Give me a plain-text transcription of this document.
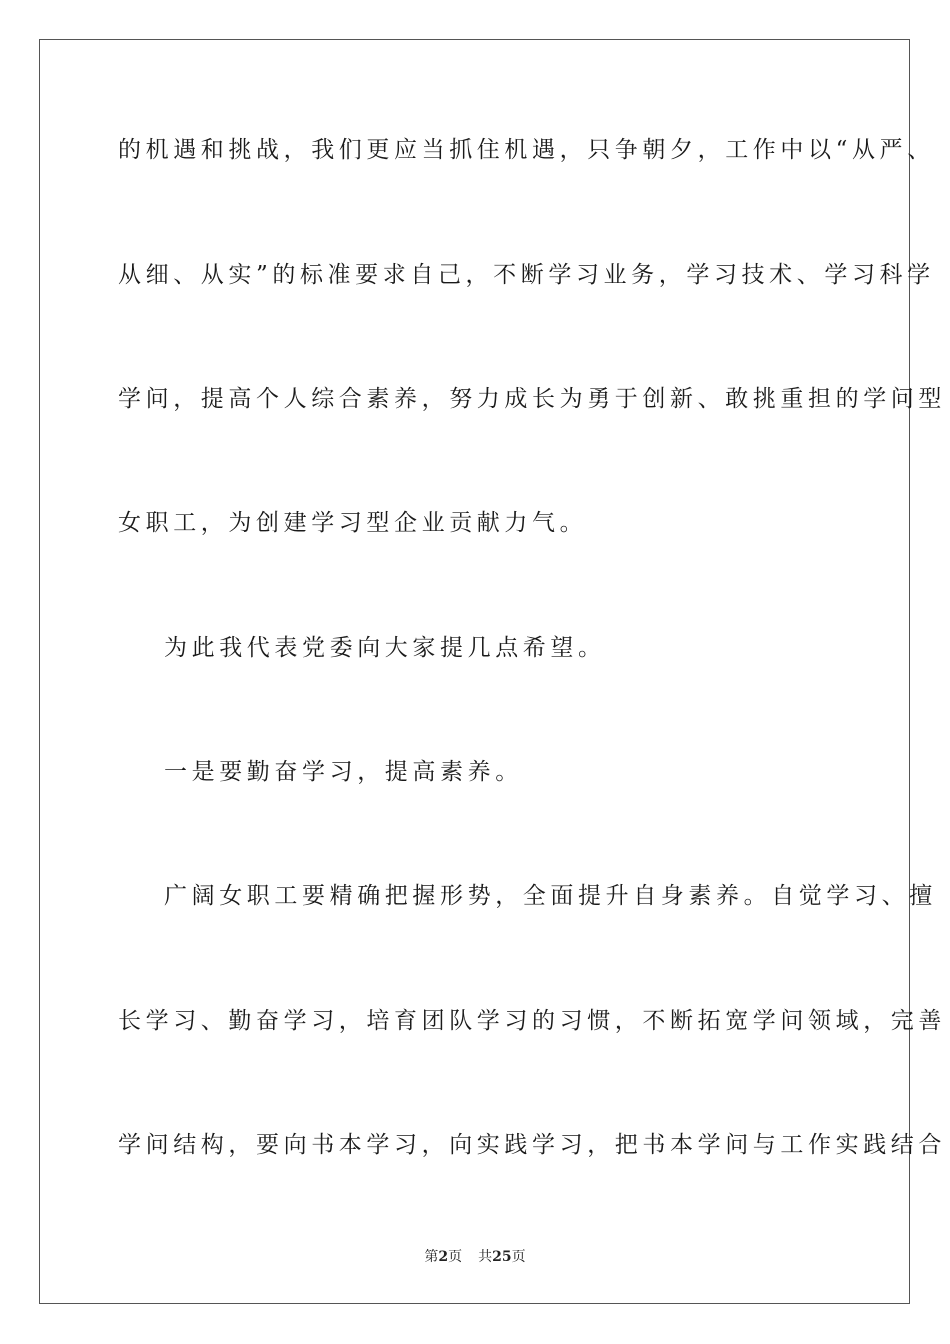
的机遇和挑战，我们更应当抓住机遇，只争朝夕，工作中以“从严、
从细、从实”的标准要求自己，不断学习业务，学习技术、学习科学
学问，提高个人综合素养，努力成长为勇于创新、敢挑重担的学问型
女职工，为创建学习型企业贡献力气。
为此我代表党委向大家提几点希望。
一是要勤奋学习，提高素养。
广阔女职工要精确把握形势，全面提升自身素养。自觉学习、擅
长学习、勤奋学习，培育团队学习的习惯，不断拓宽学问领域，完善
学问结构，要向书本学习，向实践学习，把书本学问与工作实践结合
第2页 共25页
